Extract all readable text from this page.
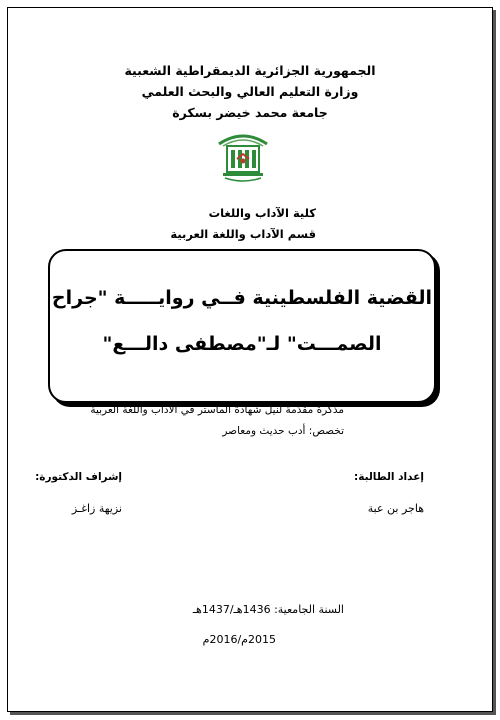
الجمهورية الجزائرية الديمقراطية الشعبية
وزارة التعليم العالي والبحث العلمي
جامعة محمد خيضر بسكرة
كلية الآداب واللغات
قسم الآداب واللغة العربية
القضية الفلسطينية فــي روايـــــة "جراح
الصمـــت" لـ"مصطفى دالـــع"
مذكرة مقدّمة لنيل شهادة الماستر في الآداب واللغة العربية
تخصص: أدب حديث ومعاصر
إعداد الطالبة:
هاجر بن عبة
إشراف الدكتورة:
نزيهة زاغـز
السنة الجامعية: 1436هـ/1437هـ
2015م/2016م
